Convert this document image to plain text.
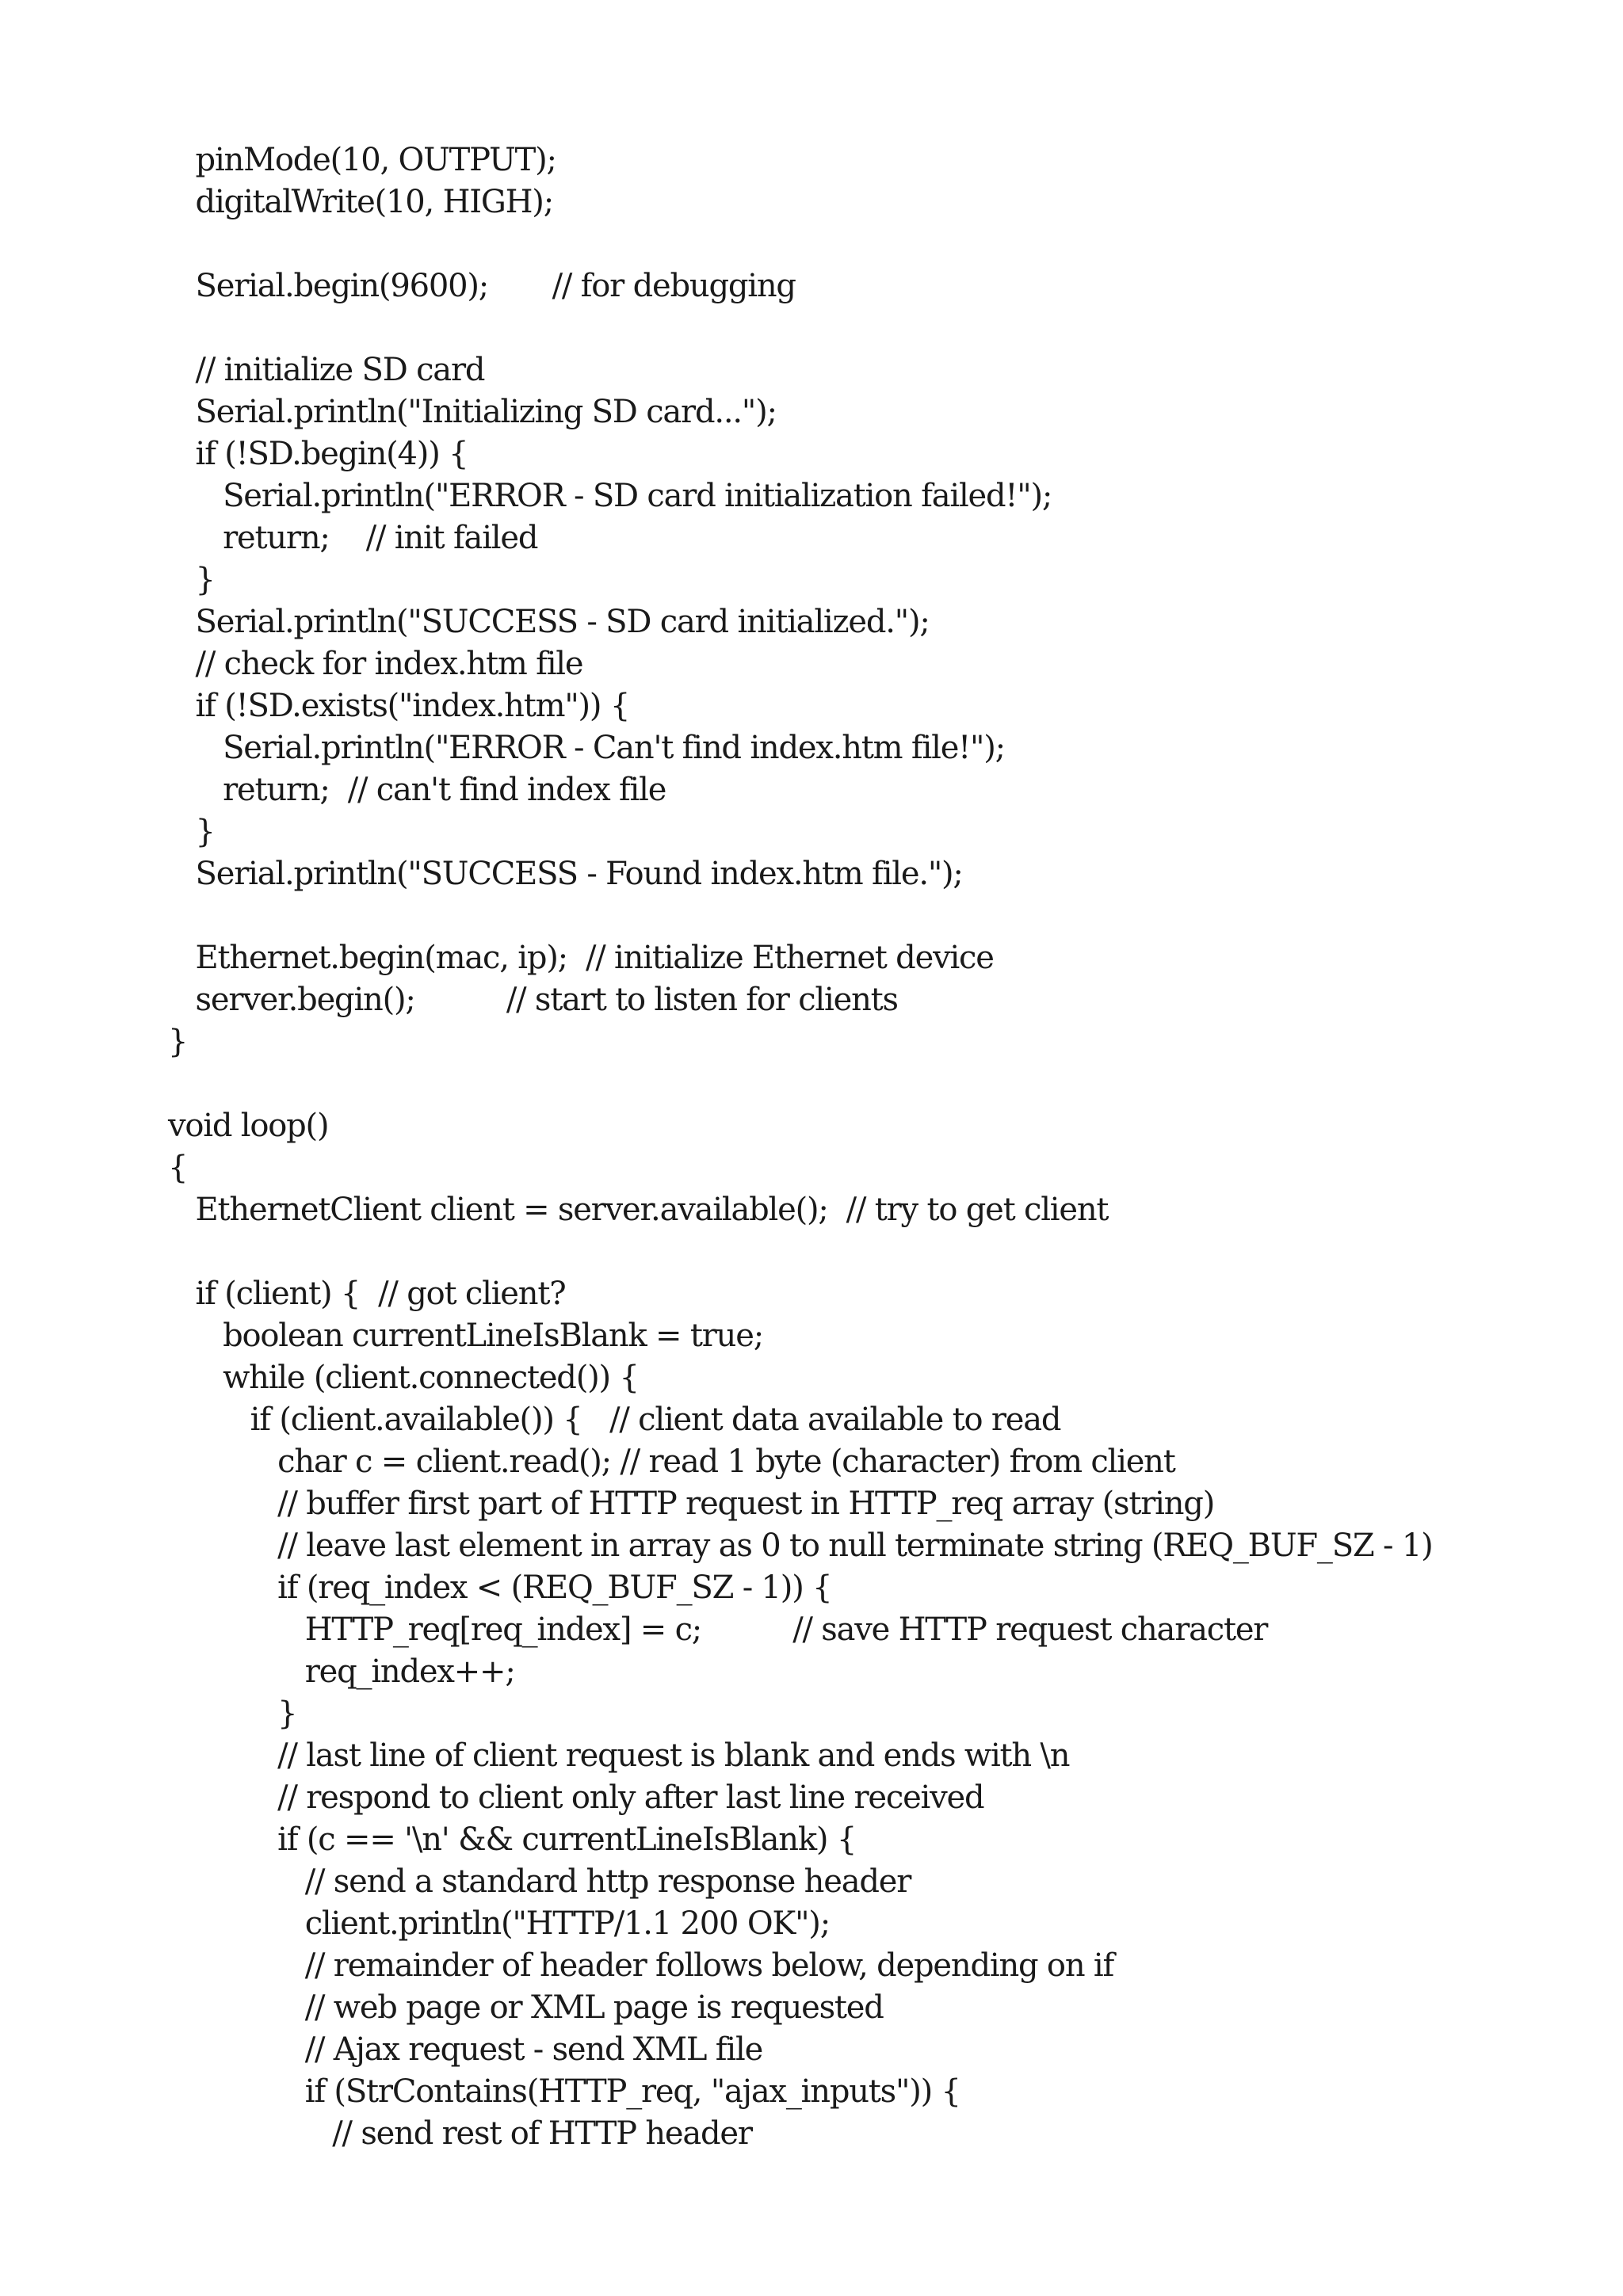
pinMode(10, OUTPUT);
digitalWrite(10, HIGH);
Serial.begin(9600);       // for debugging
// initialize SD card
Serial.println("Initializing SD card...");
if (!SD.begin(4)) {
Serial.println("ERROR - SD card initialization failed!");
return;    // init failed
}
Serial.println("SUCCESS - SD card initialized.");
// check for index.htm file
if (!SD.exists("index.htm")) {
Serial.println("ERROR - Can't find index.htm file!");
return;  // can't find index file
}
Serial.println("SUCCESS - Found index.htm file.");
Ethernet.begin(mac, ip);  // initialize Ethernet device
server.begin();          // start to listen for clients
}
void loop()
{
EthernetClient client = server.available();  // try to get client
if (client) {  // got client?
boolean currentLineIsBlank = true;
while (client.connected()) {
if (client.available()) {   // client data available to read
char c = client.read(); // read 1 byte (character) from client
// buffer first part of HTTP request in HTTP_req array (string)
// leave last element in array as 0 to null terminate string (REQ_BUF_SZ - 1)
if (req_index < (REQ_BUF_SZ - 1)) {
HTTP_req[req_index] = c;          // save HTTP request character
req_index++;
}
// last line of client request is blank and ends with \n
// respond to client only after last line received
if (c == '\n' && currentLineIsBlank) {
// send a standard http response header
client.println("HTTP/1.1 200 OK");
// remainder of header follows below, depending on if
// web page or XML page is requested
// Ajax request - send XML file
if (StrContains(HTTP_req, "ajax_inputs")) {
// send rest of HTTP header
